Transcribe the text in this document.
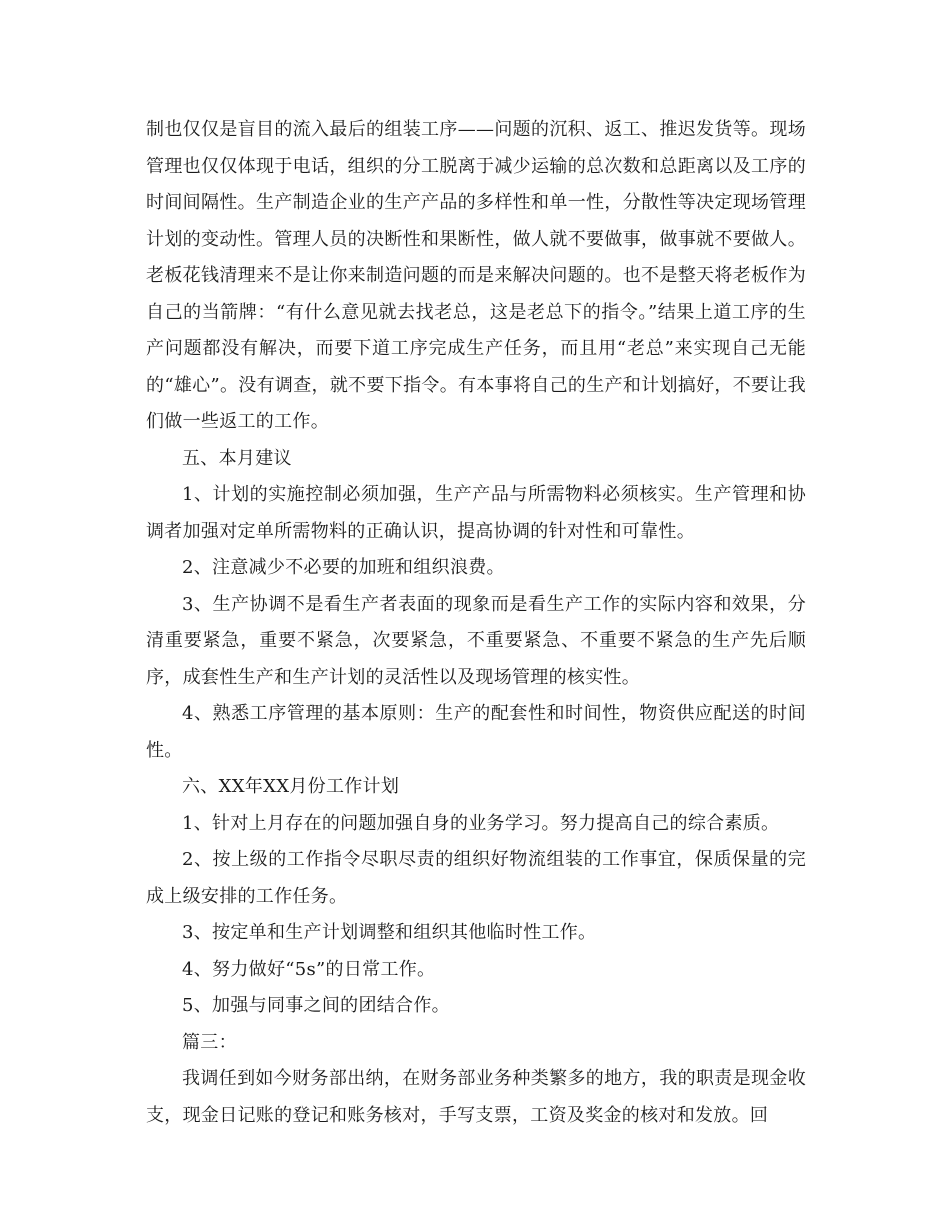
制也仅仅是盲目的流入最后的组装工序——问题的沉积、返工、推迟发货等。现场管理也仅仅体现于电话，组织的分工脱离于减少运输的总次数和总距离以及工序的时间间隔性。生产制造企业的生产产品的多样性和单一性，分散性等决定现场管理计划的变动性。管理人员的决断性和果断性，做人就不要做事，做事就不要做人。老板花钱清理来不是让你来制造问题的而是来解决问题的。也不是整天将老板作为自己的当箭牌：“有什么意见就去找老总，这是老总下的指令。”结果上道工序的生产问题都没有解决，而要下道工序完成生产任务，而且用“老总”来实现自己无能的“雄心”。没有调查，就不要下指令。有本事将自己的生产和计划搞好，不要让我们做一些返工的工作。

五、本月建议

1、计划的实施控制必须加强，生产产品与所需物料必须核实。生产管理和协调者加强对定单所需物料的正确认识，提高协调的针对性和可靠性。

2、注意减少不必要的加班和组织浪费。

3、生产协调不是看生产者表面的现象而是看生产工作的实际内容和效果，分清重要紧急，重要不紧急，次要紧急，不重要紧急、不重要不紧急的生产先后顺序，成套性生产和生产计划的灵活性以及现场管理的核实性。

4、熟悉工序管理的基本原则：生产的配套性和时间性，物资供应配送的时间性。

六、XX年XX月份工作计划

1、针对上月存在的问题加强自身的业务学习。努力提高自己的综合素质。

2、按上级的工作指令尽职尽责的组织好物流组装的工作事宜，保质保量的完成上级安排的工作任务。

3、按定单和生产计划调整和组织其他临时性工作。

4、努力做好“5s”的日常工作。

5、加强与同事之间的团结合作。

篇三：

我调任到如今财务部出纳，在财务部业务种类繁多的地方，我的职责是现金收支，现金日记账的登记和账务核对，手写支票，工资及奖金的核对和发放。回
